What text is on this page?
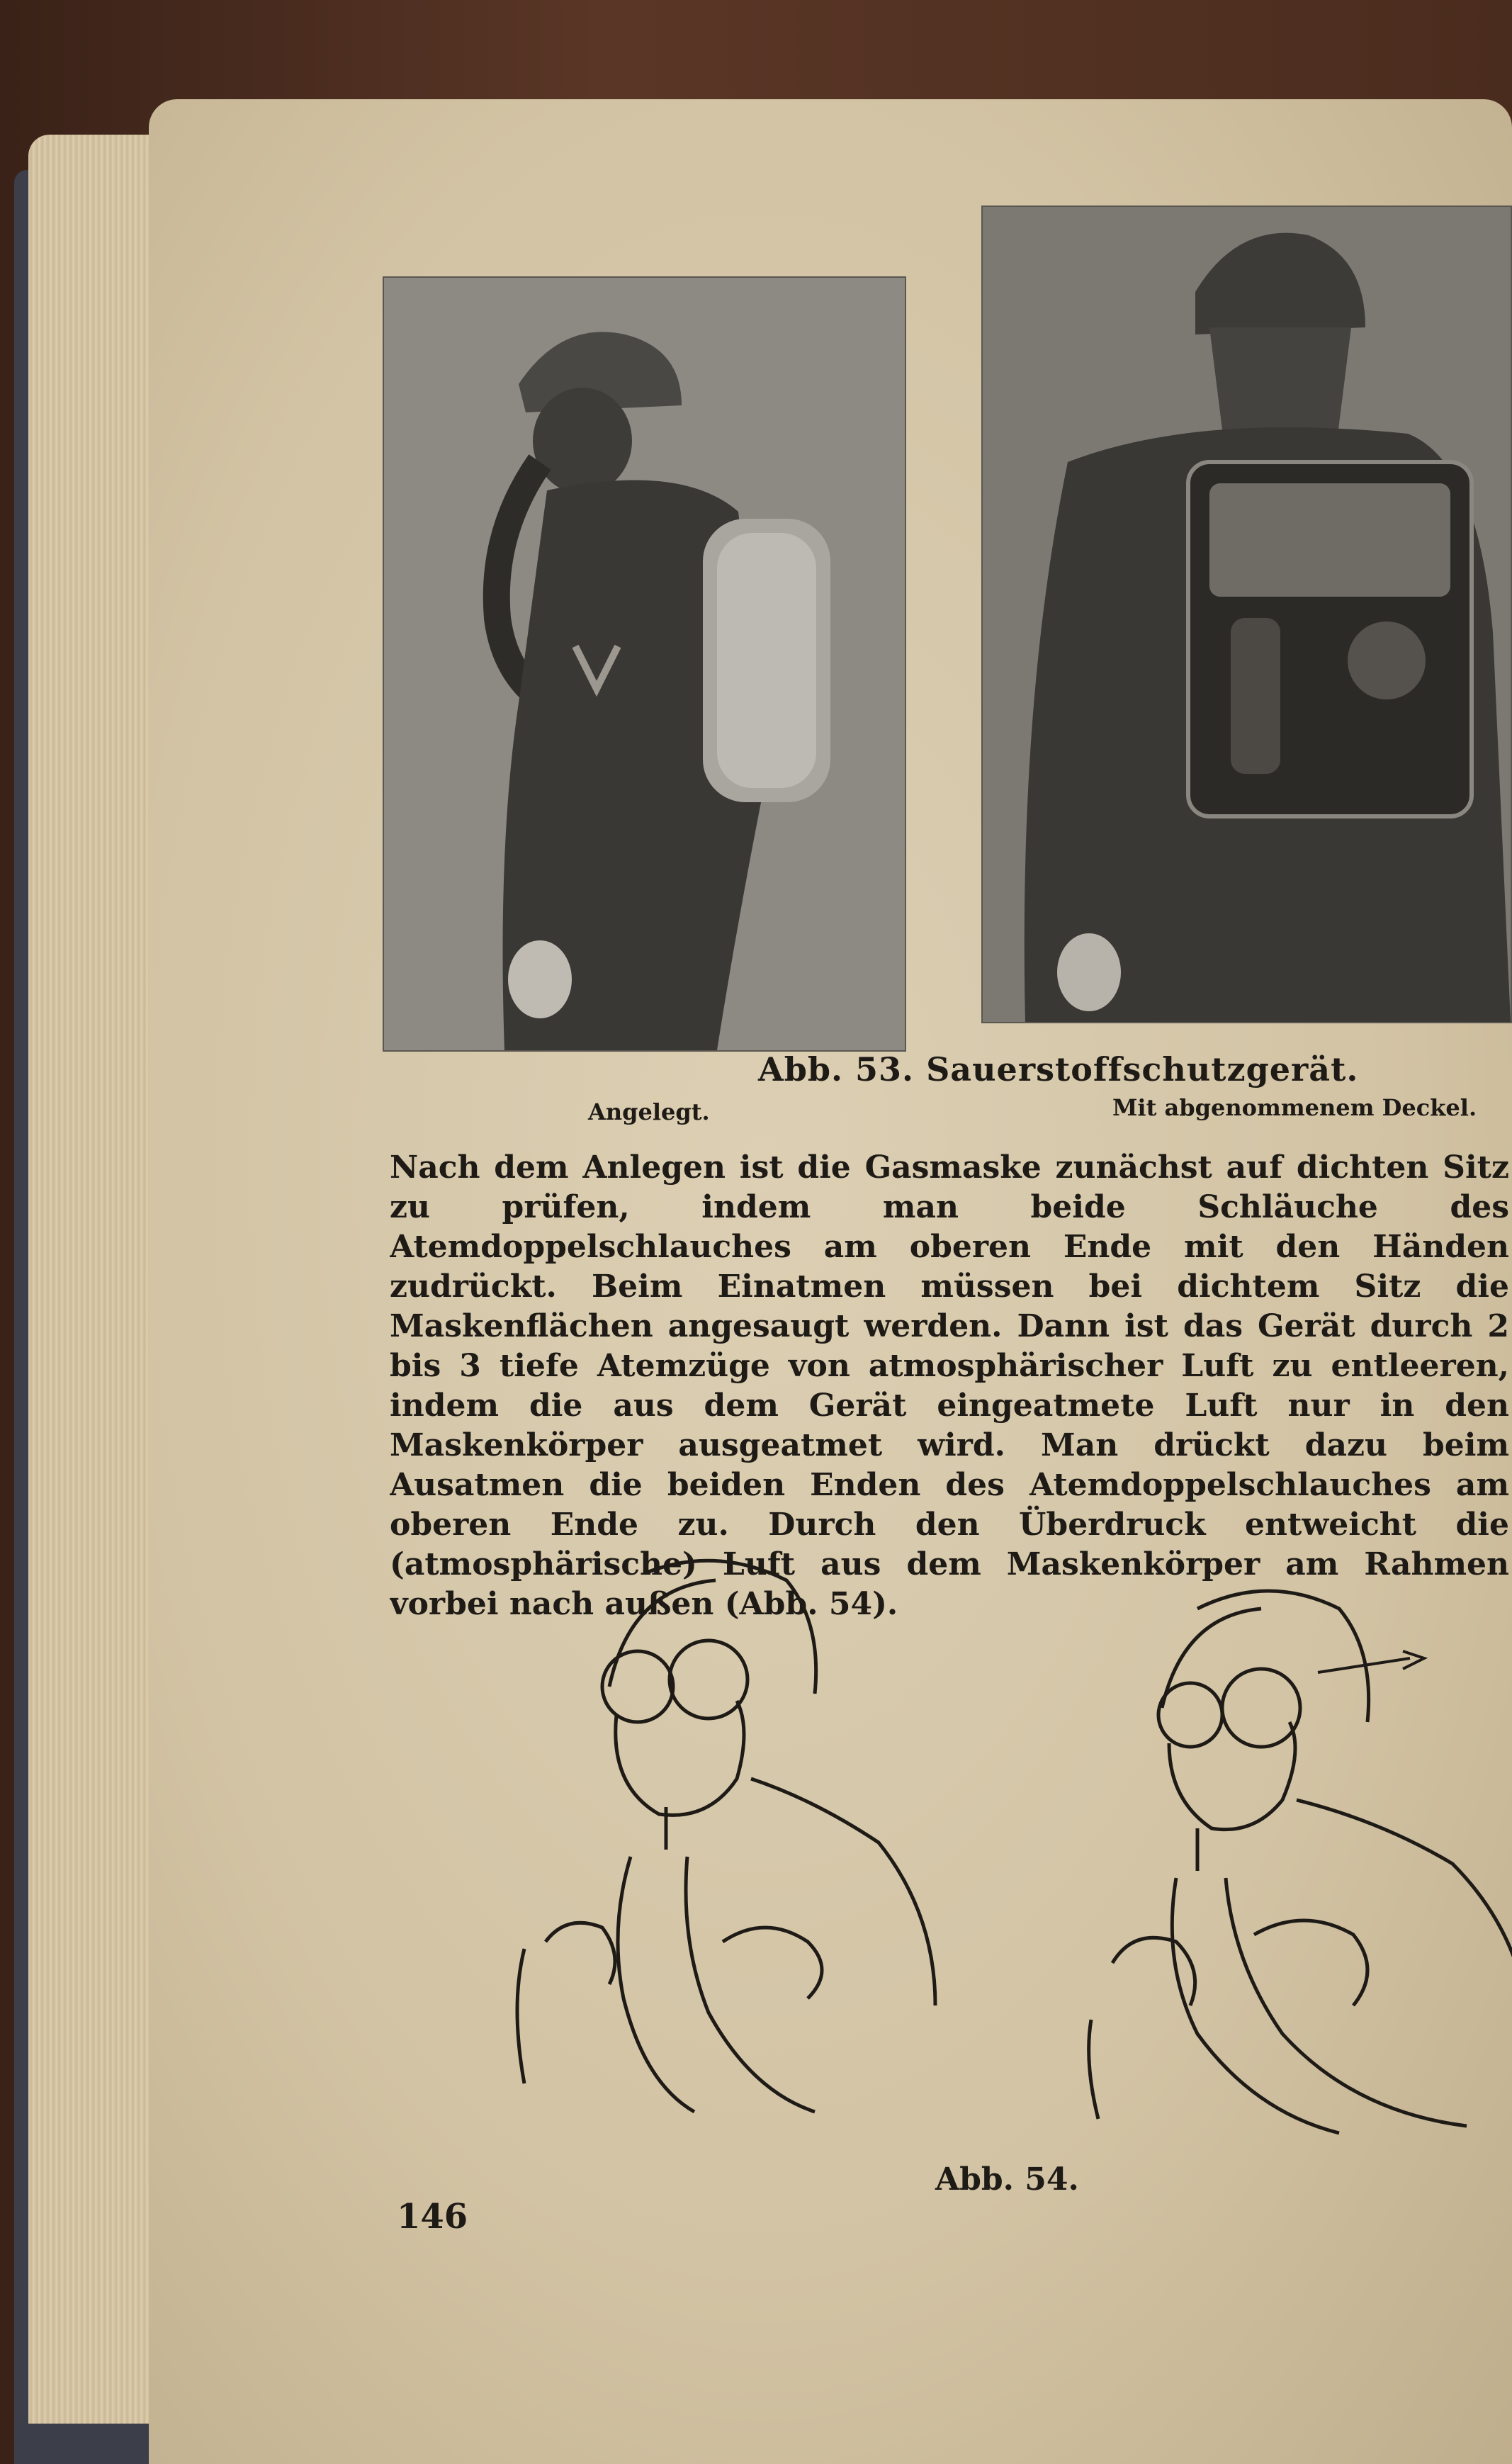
Abb. 53. Sauerstoffschutzgerät.
Angelegt.	Mit abgenommenem Deckel.
Nach dem Anlegen ist die Gasmaske zunächst auf dichten Sitz zu prüfen, indem man beide Schläuche des Atemdoppelschlauches am oberen Ende mit den Händen zudrückt. Beim Einatmen müssen bei dichtem Sitz die Maskenflächen angesaugt werden. Dann ist das Gerät durch 2 bis 3 tiefe Atemzüge von atmosphärischer Luft zu entleeren, indem die aus dem Gerät eingeatmete Luft nur in den Maskenkörper ausgeatmet wird. Man drückt dazu beim Ausatmen die beiden Enden des Atemdoppelschlauches am oberen Ende zu. Durch den Überdruck entweicht die (atmosphärische) Luft aus dem Maskenkörper am Rahmen vorbei nach außen (Abb. 54).
Abb. 54.
146
